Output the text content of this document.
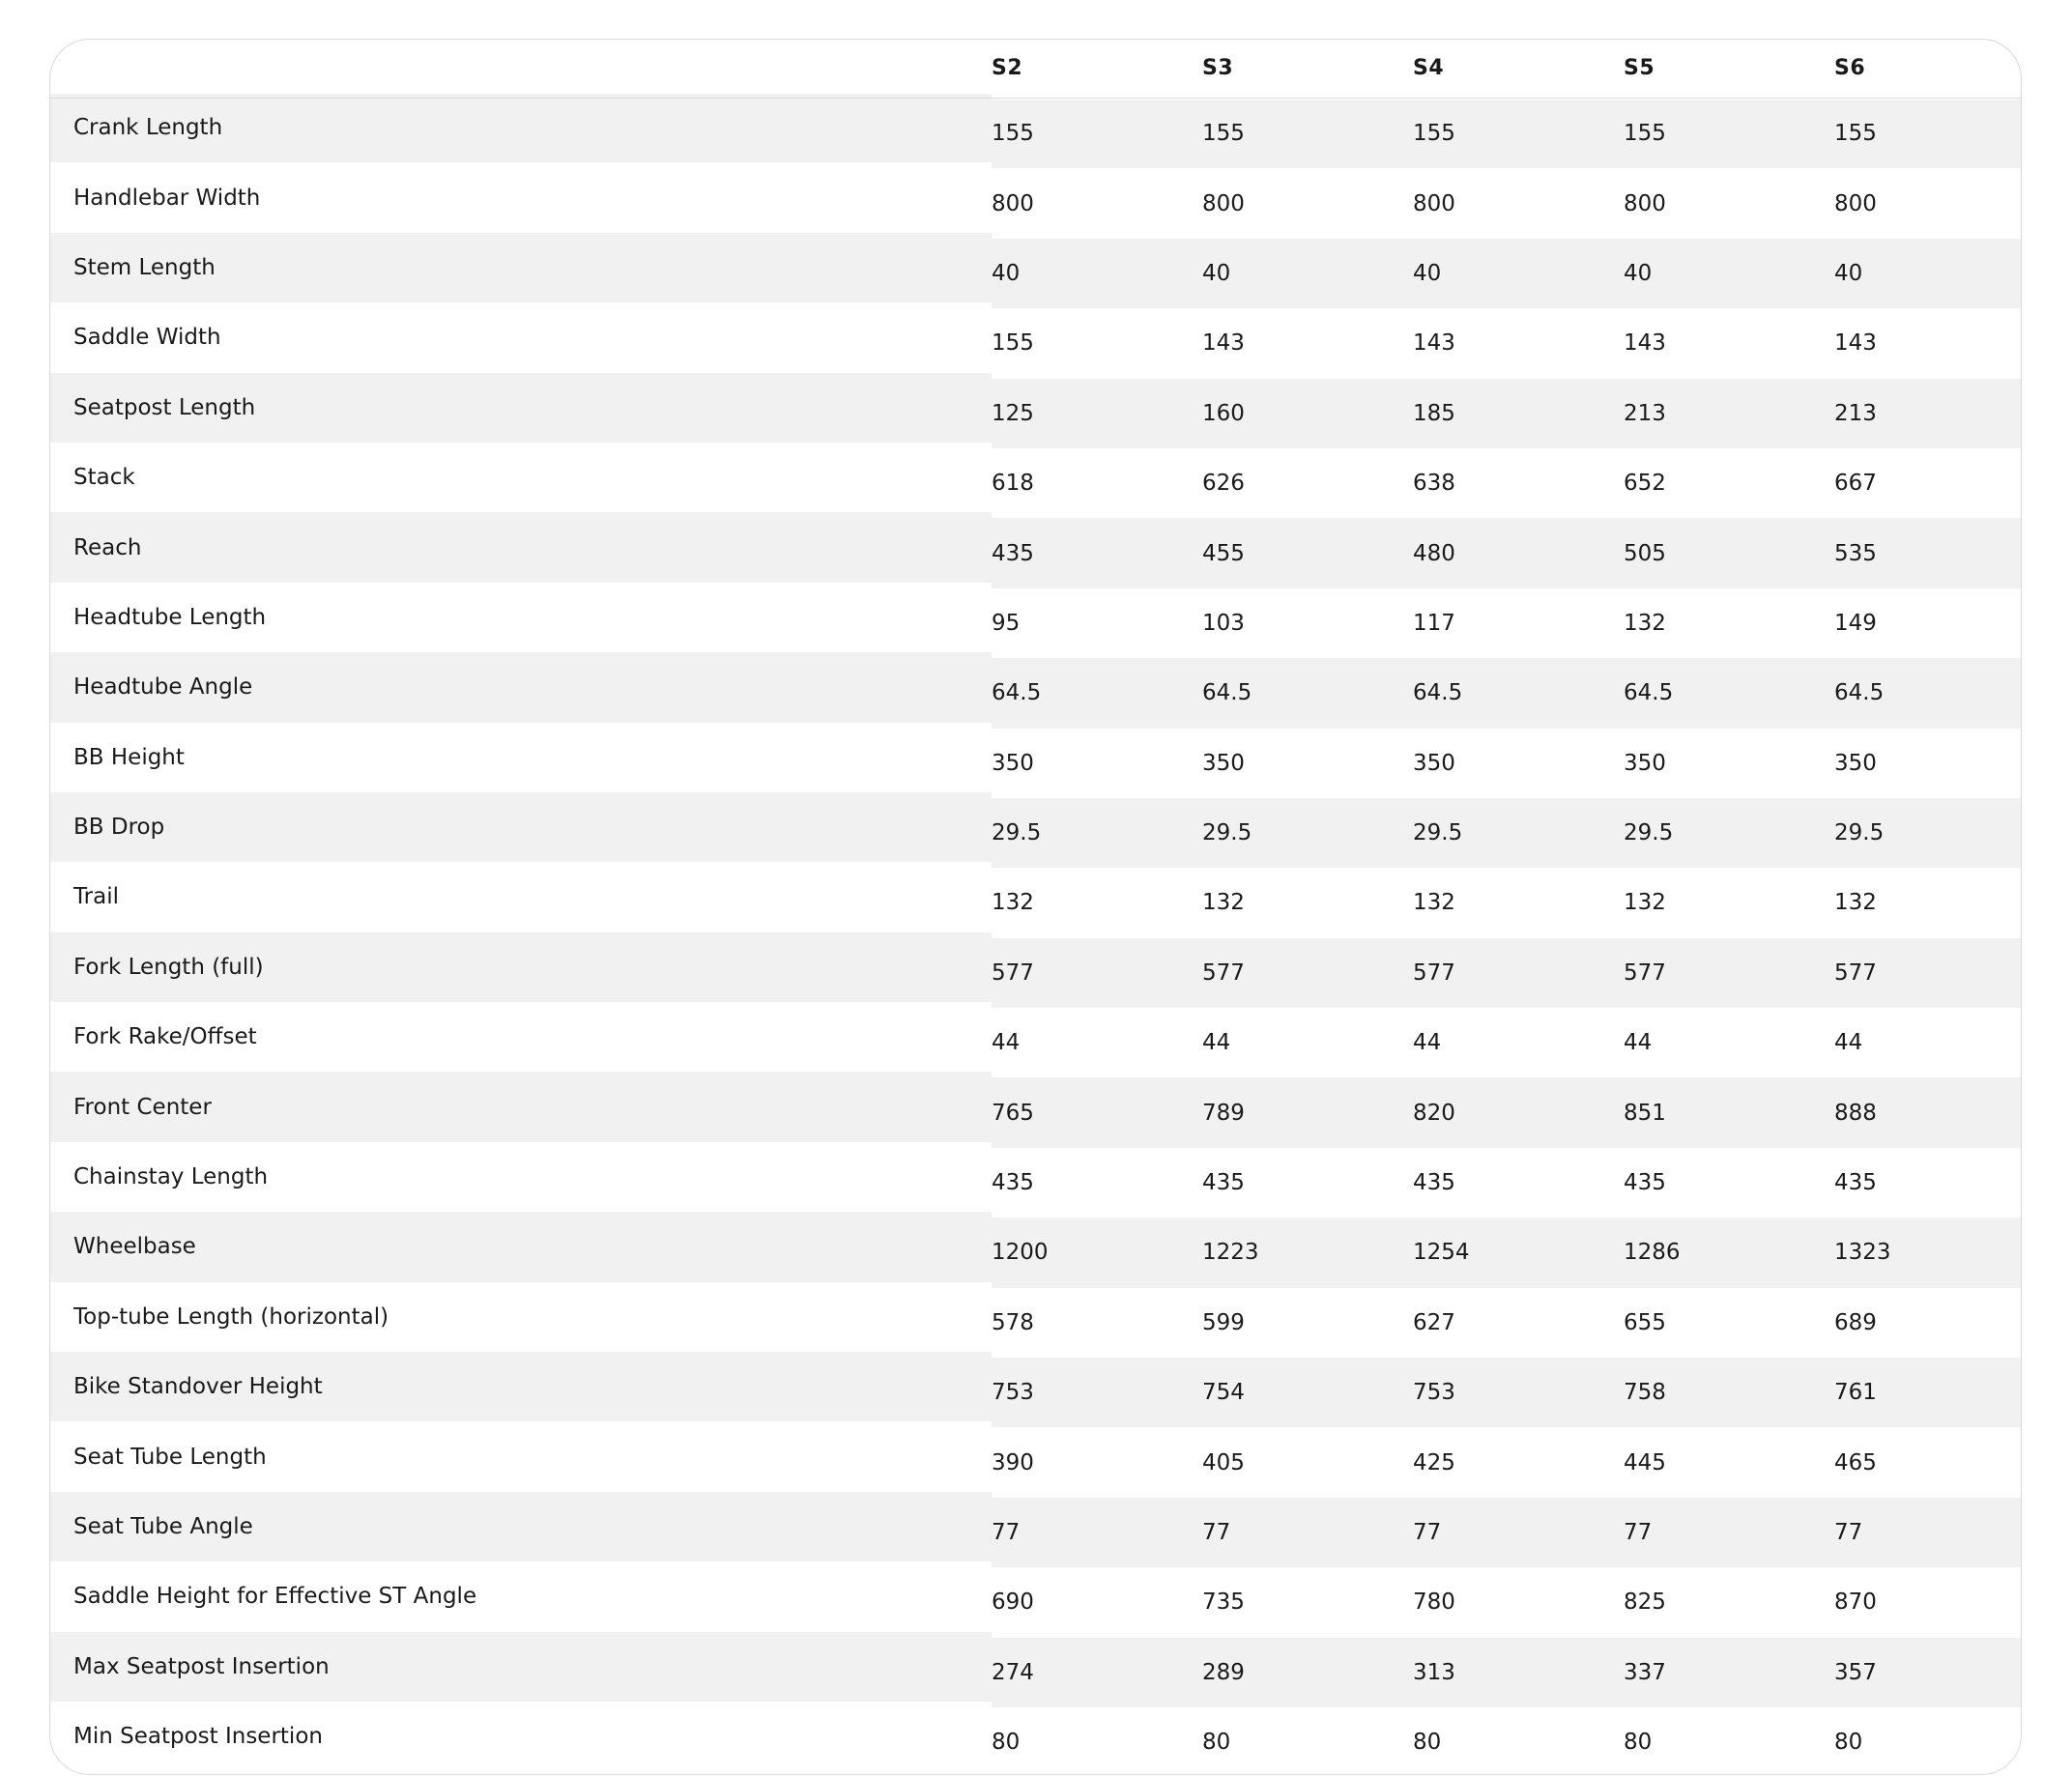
	S2	S3	S4	S5	S6
Crank Length	155	155	155	155	155
Handlebar Width	800	800	800	800	800
Stem Length	40	40	40	40	40
Saddle Width	155	143	143	143	143
Seatpost Length	125	160	185	213	213
Stack	618	626	638	652	667
Reach	435	455	480	505	535
Headtube Length	95	103	117	132	149
Headtube Angle	64.5	64.5	64.5	64.5	64.5
BB Height	350	350	350	350	350
BB Drop	29.5	29.5	29.5	29.5	29.5
Trail	132	132	132	132	132
Fork Length (full)	577	577	577	577	577
Fork Rake/Offset	44	44	44	44	44
Front Center	765	789	820	851	888
Chainstay Length	435	435	435	435	435
Wheelbase	1200	1223	1254	1286	1323
Top-tube Length (horizontal)	578	599	627	655	689
Bike Standover Height	753	754	753	758	761
Seat Tube Length	390	405	425	445	465
Seat Tube Angle	77	77	77	77	77
Saddle Height for Effective ST Angle	690	735	780	825	870
Max Seatpost Insertion	274	289	313	337	357
Min Seatpost Insertion	80	80	80	80	80
